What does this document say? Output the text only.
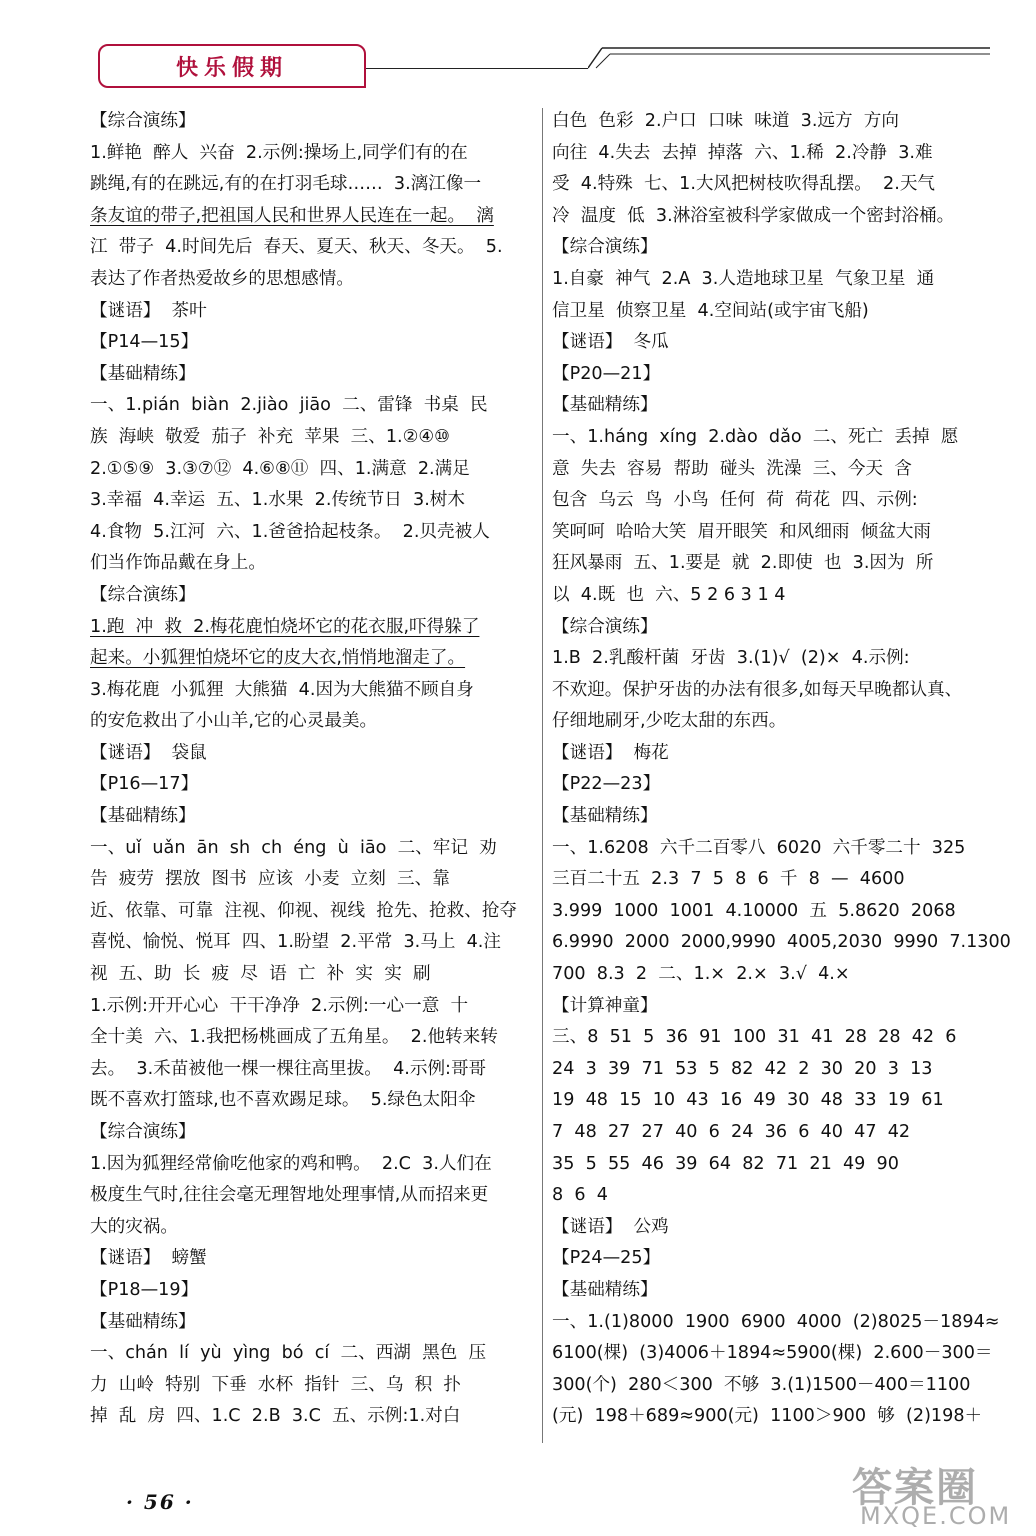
快乐假期

【综合演练】

1.鲜艳  醉人  兴奋  2.示例:操场上,同学们有的在

跳绳,有的在跳远,有的在打羽毛球……  3.漓江像一

条友谊的带子,把祖国人民和世界人民连在一起。  漓

江  带子  4.时间先后  春天、夏天、秋天、冬天。  5.

表达了作者热爱故乡的思想感情。

【谜语】  茶叶

【P14—15】

【基础精练】

一、1.pián  biàn  2.jiào  jiāo  二、雷锋  书桌  民

族  海峡  敬爱  茄子  补充  苹果  三、1.②④⑩

2.①⑤⑨  3.③⑦⑫  4.⑥⑧⑪  四、1.满意  2.满足

3.幸福  4.幸运  五、1.水果  2.传统节日  3.树木

4.食物  5.江河  六、1.爸爸拾起枝条。  2.贝壳被人

们当作饰品戴在身上。

【综合演练】

1.跑  冲  救  2.梅花鹿怕烧坏它的花衣服,吓得躲了

起来。小狐狸怕烧坏它的皮大衣,悄悄地溜走了。

3.梅花鹿  小狐狸  大熊猫  4.因为大熊猫不顾自身

的安危救出了小山羊,它的心灵最美。

【谜语】  袋鼠

【P16—17】

【基础精练】

一、uǐ  uǎn  ān  sh  ch  éng  ù  iāo  二、牢记  劝

告  疲劳  摆放  图书  应该  小麦  立刻  三、靠

近、依靠、可靠  注视、仰视、视线  抢先、抢救、抢夺

喜悦、愉悦、悦耳  四、1.盼望  2.平常  3.马上  4.注

视  五、助  长  疲  尽  语  亡  补  实  实  刷

1.示例:开开心心  干干净净  2.示例:一心一意  十

全十美  六、1.我把杨桃画成了五角星。  2.他转来转

去。  3.禾苗被他一棵一棵往高里拔。  4.示例:哥哥

既不喜欢打篮球,也不喜欢踢足球。  5.绿色太阳伞

【综合演练】

1.因为狐狸经常偷吃他家的鸡和鸭。  2.C  3.人们在

极度生气时,往往会毫无理智地处理事情,从而招来更

大的灾祸。

【谜语】  螃蟹

【P18—19】

【基础精练】

一、chán  lí  yù  yìng  bó  cí  二、西湖  黑色  压

力  山岭  特别  下垂  水杯  指针  三、乌  积  扑

掉  乱  房  四、1.C  2.B  3.C  五、示例:1.对白

白色  色彩  2.户口  口味  味道  3.远方  方向

向往  4.失去  去掉  掉落  六、1.稀  2.冷静  3.难

受  4.特殊  七、1.大风把树枝吹得乱摆。  2.天气

冷  温度  低  3.淋浴室被科学家做成一个密封浴桶。

【综合演练】

1.自豪  神气  2.A  3.人造地球卫星  气象卫星  通

信卫星  侦察卫星  4.空间站(或宇宙飞船)

【谜语】  冬瓜

【P20—21】

【基础精练】

一、1.háng  xíng  2.dào  dǎo  二、死亡  丢掉  愿

意  失去  容易  帮助  碰头  洗澡  三、今天  含

包含  乌云  鸟  小鸟  任何  荷  荷花  四、示例:

笑呵呵  哈哈大笑  眉开眼笑  和风细雨  倾盆大雨

狂风暴雨  五、1.要是  就  2.即使  也  3.因为  所

以  4.既  也  六、5 2 6 3 1 4

【综合演练】

1.B  2.乳酸杆菌  牙齿  3.(1)√  (2)×  4.示例:

不欢迎。保护牙齿的办法有很多,如每天早晚都认真、

仔细地刷牙,少吃太甜的东西。

【谜语】  梅花

【P22—23】

【基础精练】

一、1.6208  六千二百零八  6020  六千零二十  325

三百二十五  2.3  7  5  8  6  千  8  —  4600

3.999  1000  1001  4.10000  五  5.8620  2068

6.9990  2000  2000,9990  4005,2030  9990  7.1300

700  8.3  2  二、1.×  2.×  3.√  4.×

【计算神童】

三、8  51  5  36  91  100  31  41  28  28  42  6

24  3  39  71  53  5  82  42  2  30  20  3  13

19  48  15  10  43  16  49  30  48  33  19  61

7  48  27  27  40  6  24  36  6  40  47  42

35  5  55  46  39  64  82  71  21  49  90

8  6  4

【谜语】  公鸡

【P24—25】

【基础精练】

一、1.(1)8000  1900  6900  4000  (2)8025－1894≈

6100(棵)  (3)4006＋1894≈5900(棵)  2.600－300＝

300(个)  280＜300  不够  3.(1)1500－400＝1100

(元)  198＋689≈900(元)  1100＞900  够  (2)198＋

· 56 ·	答案圈
MXQE.COM
